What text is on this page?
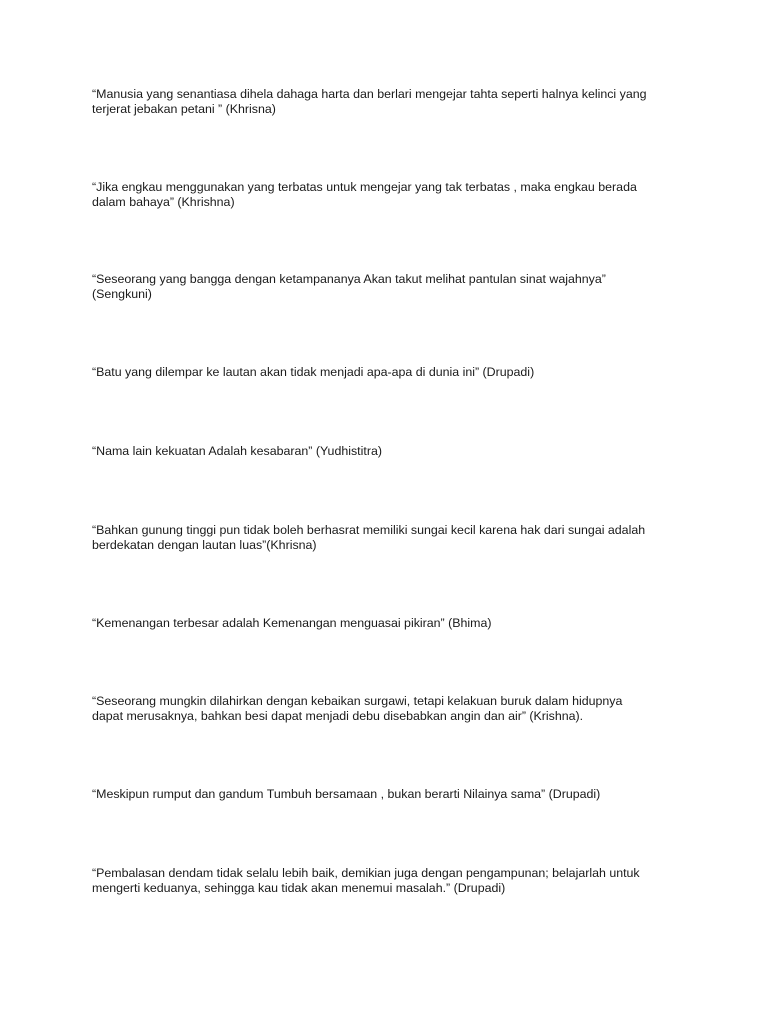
“Manusia yang senantiasa dihela dahaga harta dan berlari mengejar tahta seperti halnya kelinci yang
terjerat jebakan petani ” (Khrisna)

“Jika engkau menggunakan yang terbatas untuk mengejar yang tak terbatas , maka engkau berada
dalam bahaya” (Khrishna)

“Seseorang yang bangga dengan ketampananya Akan takut melihat pantulan sinat wajahnya”
(Sengkuni)

“Batu yang dilempar ke lautan akan tidak menjadi apa-apa di dunia ini” (Drupadi)

“Nama lain kekuatan Adalah kesabaran” (Yudhistitra)

“Bahkan gunung tinggi pun tidak boleh berhasrat memiliki sungai kecil karena hak dari sungai adalah
berdekatan dengan lautan luas”(Khrisna)

“Kemenangan terbesar adalah Kemenangan menguasai pikiran” (Bhima)

“Seseorang mungkin dilahirkan dengan kebaikan surgawi, tetapi kelakuan buruk dalam hidupnya
dapat merusaknya, bahkan besi dapat menjadi debu disebabkan angin dan air” (Krishna).

“Meskipun rumput dan gandum Tumbuh bersamaan , bukan berarti Nilainya sama” (Drupadi)

“Pembalasan dendam tidak selalu lebih baik, demikian juga dengan pengampunan; belajarlah untuk
mengerti keduanya, sehingga kau tidak akan menemui masalah.” (Drupadi)
